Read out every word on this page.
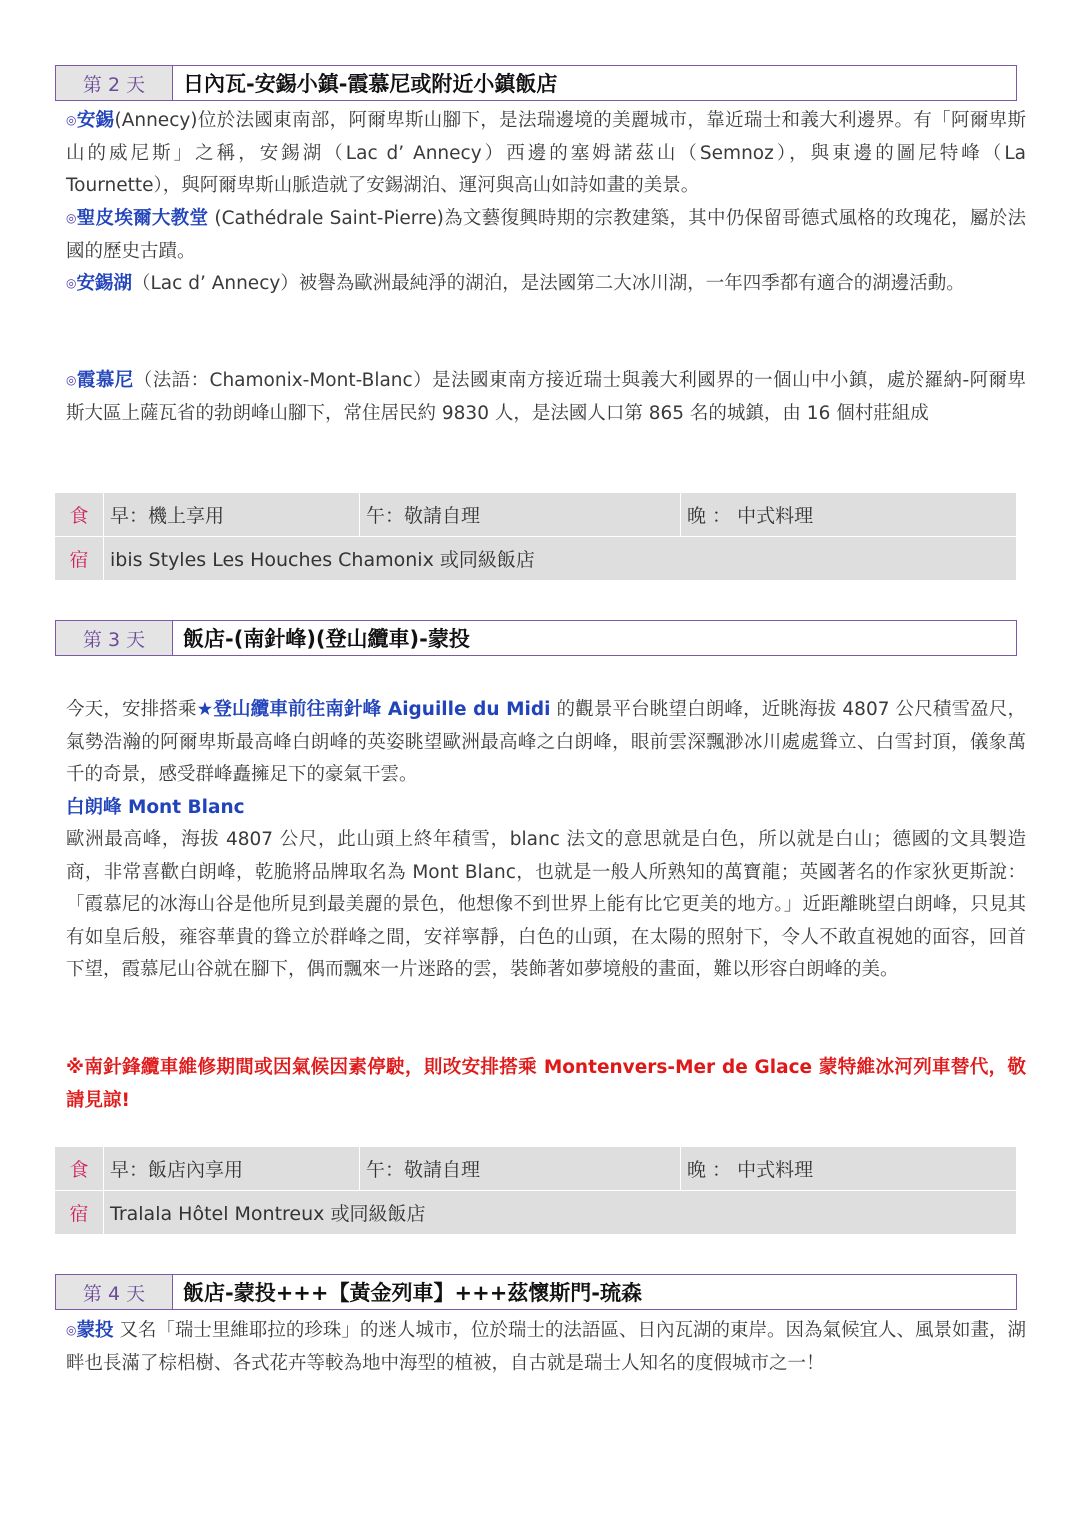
第 2 天	日內瓦-安錫小鎮-霞慕尼或附近小鎮飯店

◎安錫(Annecy)位於法國東南部，阿爾卑斯山腳下，是法瑞邊境的美麗城市，靠近瑞士和義大利邊界。有「阿爾卑斯山的威尼斯」之稱，安錫湖（Lac d’ Annecy）西邊的塞姆諾茲山（Semnoz），與東邊的圖尼特峰（La Tournette），與阿爾卑斯山脈造就了安錫湖泊、運河與高山如詩如畫的美景。

◎聖皮埃爾大教堂 (Cathédrale Saint-Pierre)為文藝復興時期的宗教建築，其中仍保留哥德式風格的玫瑰花，屬於法國的歷史古蹟。

◎安錫湖（Lac d’ Annecy）被譽為歐洲最純淨的湖泊，是法國第二大冰川湖，一年四季都有適合的湖邊活動。

◎霞慕尼（法語：Chamonix-Mont-Blanc）是法國東南方接近瑞士與義大利國界的一個山中小鎮，處於羅納-阿爾卑斯大區上薩瓦省的勃朗峰山腳下，常住居民約 9830 人，是法國人口第 865 名的城鎮，由 16 個村莊組成

食	早：機上享用	午：敬請自理	晚 ： 中式料理
宿	ibis Styles Les Houches Chamonix 或同級飯店		
第 3 天	飯店-(南針峰)(登山纜車)-蒙投

今天，安排搭乘★登山纜車前往南針峰 Aiguille du Midi 的觀景平台眺望白朗峰，近眺海拔 4807 公尺積雪盈尺，氣勢浩瀚的阿爾卑斯最高峰白朗峰的英姿眺望歐洲最高峰之白朗峰，眼前雲深飄渺冰川處處聳立、白雪封頂，儀象萬千的奇景，感受群峰矗擁足下的豪氣干雲。

白朗峰 Mont Blanc

歐洲最高峰，海拔 4807 公尺，此山頭上終年積雪，blanc 法文的意思就是白色，所以就是白山；德國的文具製造商，非常喜歡白朗峰，乾脆將品牌取名為 Mont Blanc，也就是一般人所熟知的萬寶龍；英國著名的作家狄更斯說：「霞慕尼的冰海山谷是他所見到最美麗的景色，他想像不到世界上能有比它更美的地方。」近距離眺望白朗峰，只見其有如皇后般，雍容華貴的聳立於群峰之間，安祥寧靜，白色的山頭，在太陽的照射下，令人不敢直視她的面容，回首下望，霞慕尼山谷就在腳下，偶而飄來一片迷路的雲，裝飾著如夢境般的畫面，難以形容白朗峰的美。

※南針鋒纜車維修期間或因氣候因素停駛，則改安排搭乘 Montenvers-Mer de Glace 蒙特維冰河列車替代，敬請見諒!

食	早：飯店內享用	午：敬請自理	晚 ： 中式料理
宿	Tralala Hôtel Montreux 或同級飯店		
第 4 天	飯店-蒙投+++【黃金列車】+++茲懷斯門-琉森

◎蒙投 又名「瑞士里維耶拉的珍珠」的迷人城市，位於瑞士的法語區、日內瓦湖的東岸。因為氣候宜人、風景如畫，湖畔也長滿了棕梠樹、各式花卉等較為地中海型的植被，自古就是瑞士人知名的度假城市之一！
